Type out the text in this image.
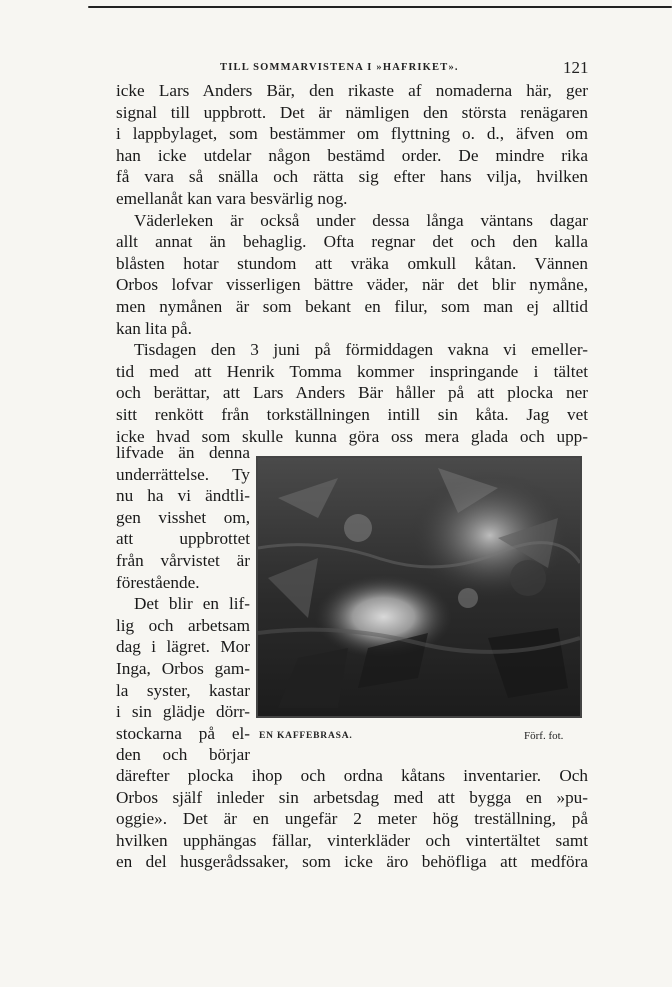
TILL SOMMARVISTENA I »HAFRIKET».	121
icke Lars Anders Bär, den rikaste af nomaderna här, ger
signal till uppbrott. Det är nämligen den största renägaren
i lappbylaget, som bestämmer om flyttning o. d., äfven om
han icke utdelar någon bestämd order. De mindre rika
få vara så snälla och rätta sig efter hans vilja, hvilken
emellanåt kan vara besvärlig nog.
Väderleken är också under dessa långa väntans dagar
allt annat än behaglig. Ofta regnar det och den kalla
blåsten hotar stundom att vräka omkull kåtan. Vännen
Orbos lofvar visserligen bättre väder, när det blir nymåne,
men nymånen är som bekant en filur, som man ej alltid
kan lita på.
Tisdagen den 3 juni på förmiddagen vakna vi emeller-
tid med att Henrik Tomma kommer inspringande i tältet
och berättar, att Lars Anders Bär håller på att plocka ner
sitt renkött från torkställningen intill sin kåta. Jag vet
icke hvad som skulle kunna göra oss mera glada och upp-
lifvade än denna
underrättelse. Ty
nu ha vi ändtli-
gen visshet om,
att uppbrottet
från vårvistet är
förestående.
Det blir en lif-
lig och arbetsam
dag i lägret. Mor
Inga, Orbos gam-
la syster, kastar
i sin glädje dörr-
stockarna på el-
den och börjar
EN KAFFEBRASA.	Förf. fot.
därefter plocka ihop och ordna kåtans inventarier. Och
Orbos själf inleder sin arbetsdag med att bygga en »pu-
oggie». Det är en ungefär 2 meter hög treställning, på
hvilken upphängas fällar, vinterkläder och vintertältet samt
en del husgerådssaker, som icke äro behöfliga att medföra
